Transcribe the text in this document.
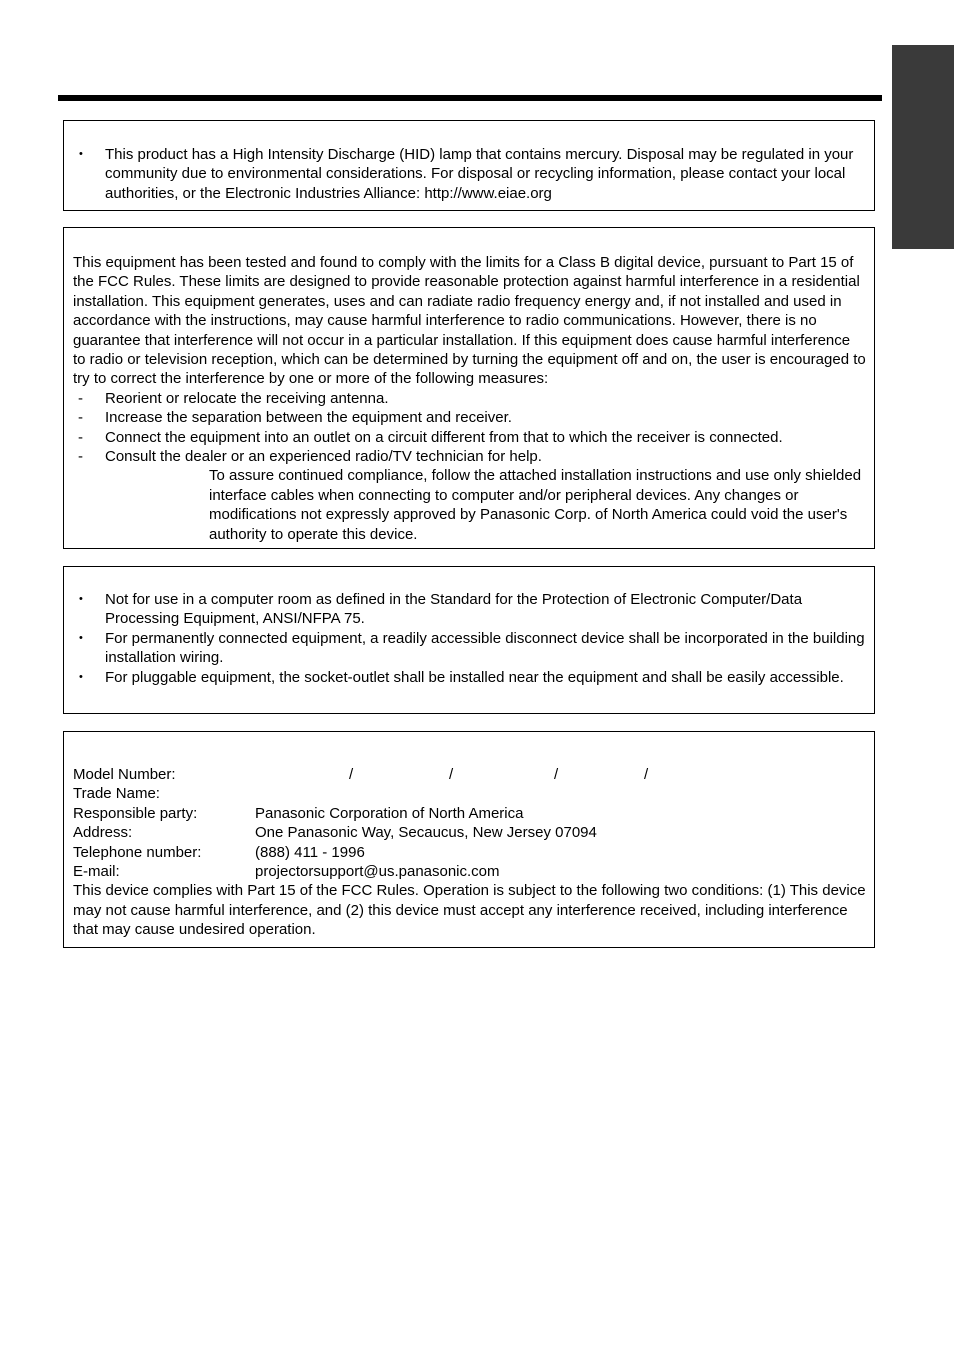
• This product has a High Intensity Discharge (HID) lamp that contains mercury. Disposal may be regulated in your community due to environmental considerations. For disposal or recycling information, please contact your local authorities, or the Electronic Industries Alliance: http://www.eiae.org
This equipment has been tested and found to comply with the limits for a Class B digital device, pursuant to Part 15 of the FCC Rules. These limits are designed to provide reasonable protection against harmful interference in a residential installation. This equipment generates, uses and can radiate radio frequency energy and, if not installed and used in accordance with the instructions, may cause harmful interference to radio communications. However, there is no guarantee that interference will not occur in a particular installation. If this equipment does cause harmful interference to radio or television reception, which can be determined by turning the equipment off and on, the user is encouraged to try to correct the interference by one or more of the following measures:
- Reorient or relocate the receiving antenna.
- Increase the separation between the equipment and receiver.
- Connect the equipment into an outlet on a circuit different from that to which the receiver is connected.
- Consult the dealer or an experienced radio/TV technician for help.
To assure continued compliance, follow the attached installation instructions and use only shielded interface cables when connecting to computer and/or peripheral devices. Any changes or modifications not expressly approved by Panasonic Corp. of North America could void the user's authority to operate this device.
• Not for use in a computer room as defined in the Standard for the Protection of Electronic Computer/Data Processing Equipment, ANSI/NFPA 75.
• For permanently connected equipment, a readily accessible disconnect device shall be incorporated in the building installation wiring.
• For pluggable equipment, the socket-outlet shall be installed near the equipment and shall be easily accessible.
Model Number:	/	/	/	/
Trade Name:
Responsible party:	Panasonic Corporation of North America
Address:	One Panasonic Way, Secaucus, New Jersey 07094
Telephone number:	(888) 411 - 1996
E-mail:	projectorsupport@us.panasonic.com
This device complies with Part 15 of the FCC Rules. Operation is subject to the following two conditions: (1) This device may not cause harmful interference, and (2) this device must accept any interference received, including interference that may cause undesired operation.
